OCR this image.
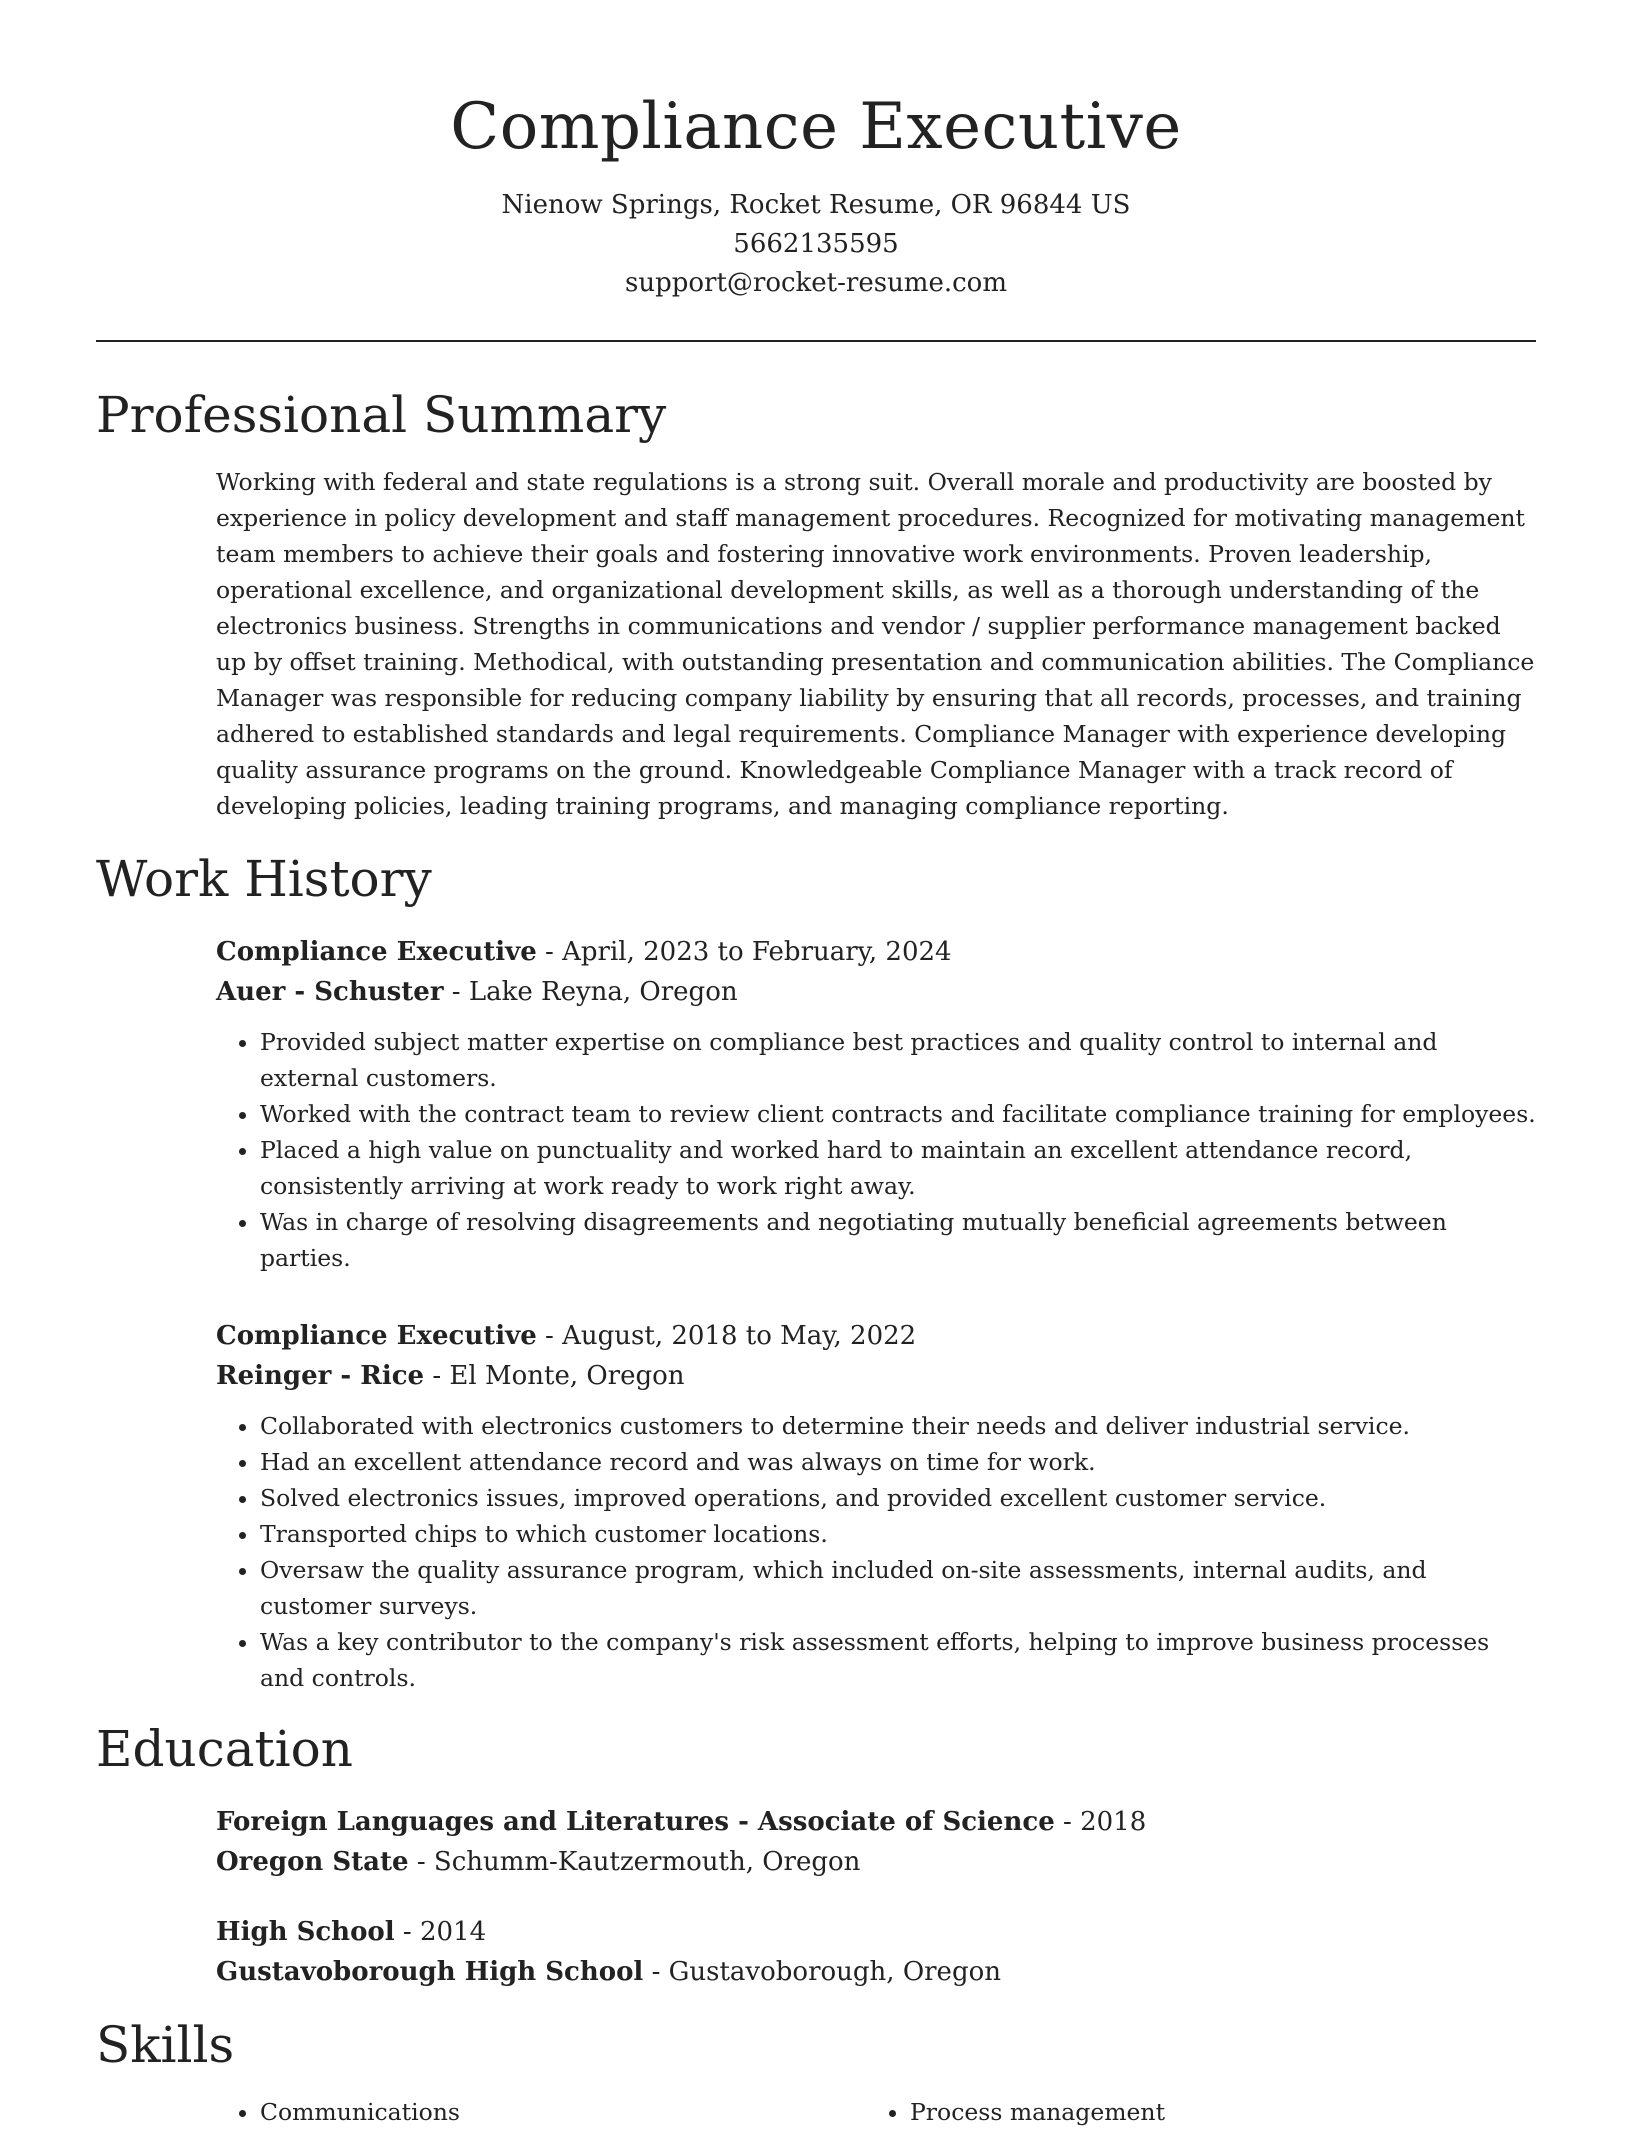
Compliance Executive
Nienow Springs, Rocket Resume, OR 96844 US
5662135595
support@rocket-resume.com
Professional Summary

Working with federal and state regulations is a strong suit. Overall morale and productivity are boosted by experience in policy development and staff management procedures. Recognized for motivating management team members to achieve their goals and fostering innovative work environments. Proven leadership, operational excellence, and organizational development skills, as well as a thorough understanding of the electronics business. Strengths in communications and vendor / supplier performance management backed up by offset training. Methodical, with outstanding presentation and communication abilities. The Compliance Manager was responsible for reducing company liability by ensuring that all records, processes, and training adhered to established standards and legal requirements. Compliance Manager with experience developing quality assurance programs on the ground. Knowledgeable Compliance Manager with a track record of developing policies, leading training programs, and managing compliance reporting.

Work History
Compliance Executive - April, 2023 to February, 2024
Auer - Schuster - Lake Reyna, Oregon
• Provided subject matter expertise on compliance best practices and quality control to internal and external customers.
• Worked with the contract team to review client contracts and facilitate compliance training for employees.
• Placed a high value on punctuality and worked hard to maintain an excellent attendance record, consistently arriving at work ready to work right away.
• Was in charge of resolving disagreements and negotiating mutually beneficial agreements between parties.
Compliance Executive - August, 2018 to May, 2022
Reinger - Rice - El Monte, Oregon
• Collaborated with electronics customers to determine their needs and deliver industrial service.
• Had an excellent attendance record and was always on time for work.
• Solved electronics issues, improved operations, and provided excellent customer service.
• Transported chips to which customer locations.
• Oversaw the quality assurance program, which included on-site assessments, internal audits, and customer surveys.
• Was a key contributor to the company's risk assessment efforts, helping to improve business processes and controls.
Education
Foreign Languages and Literatures - Associate of Science - 2018
Oregon State - Schumm-Kautzermouth, Oregon
High School - 2014
Gustavoborough High School - Gustavoborough, Oregon
Skills
• Communications
•	Process management
